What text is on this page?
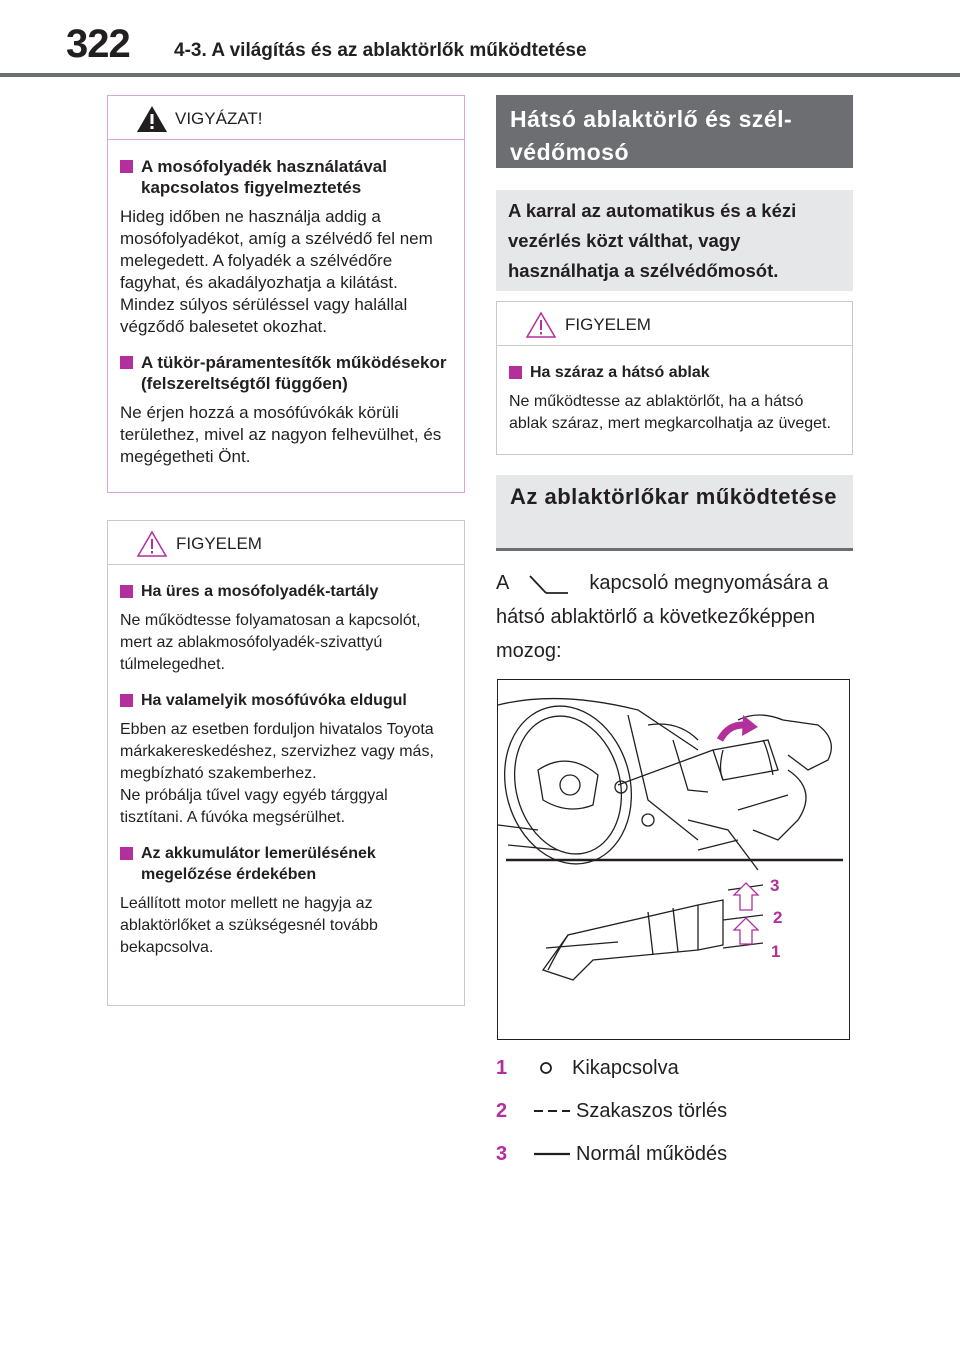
322 4-3. A világítás és az ablaktörlők működtetése
VIGYÁZAT!
A mosófolyadék használatával kapcsolatos figyelmeztetés
Hideg időben ne használja addig a mosófolyadékot, amíg a szélvédő fel nem melegedett. A folyadék a szélvédőre fagyhat, és akadályozhatja a kilátást. Mindez súlyos sérüléssel vagy halállal végződő balesetet okozhat.
A tükör-páramentesítők működésekor (felszereltségtől függően)
Ne érjen hozzá a mosófúvókák körüli területhez, mivel az nagyon felhevülhet, és megégetheti Önt.
FIGYELEM
Ha üres a mosófolyadék-tartály
Ne működtesse folyamatosan a kapcsolót, mert az ablakmosófolyadék-szivattyú túlmelegedhet.
Ha valamelyik mosófúvóka eldugul
Ebben az esetben forduljon hivatalos Toyota márkakereskedéshez, szervizhez vagy más, megbízható szakemberhez.
Ne próbálja tűvel vagy egyéb tárggyal tisztítani. A fúvóka megsérülhet.
Az akkumulátor lemerülésének megelőzése érdekében
Leállított motor mellett ne hagyja az ablaktörlőket a szükségesnél tovább bekapcsolva.
Hátsó ablaktörlő és szélvédőmosó
A karral az automatikus és a kézi vezérlés közt válthat, vagy használhatja a szélvédőmosót.
FIGYELEM
Ha száraz a hátsó ablak
Ne működtesse az ablaktörlőt, ha a hátsó ablak száraz, mert megkarcolhatja az üveget.
Az ablaktörlőkar működtetése
A	kapcsoló megnyomására a hátsó ablaktörlő a következőképpen mozog:
3
2
1
1	Kikapcsolva
2	Szakaszos törlés
3	Normál működés
